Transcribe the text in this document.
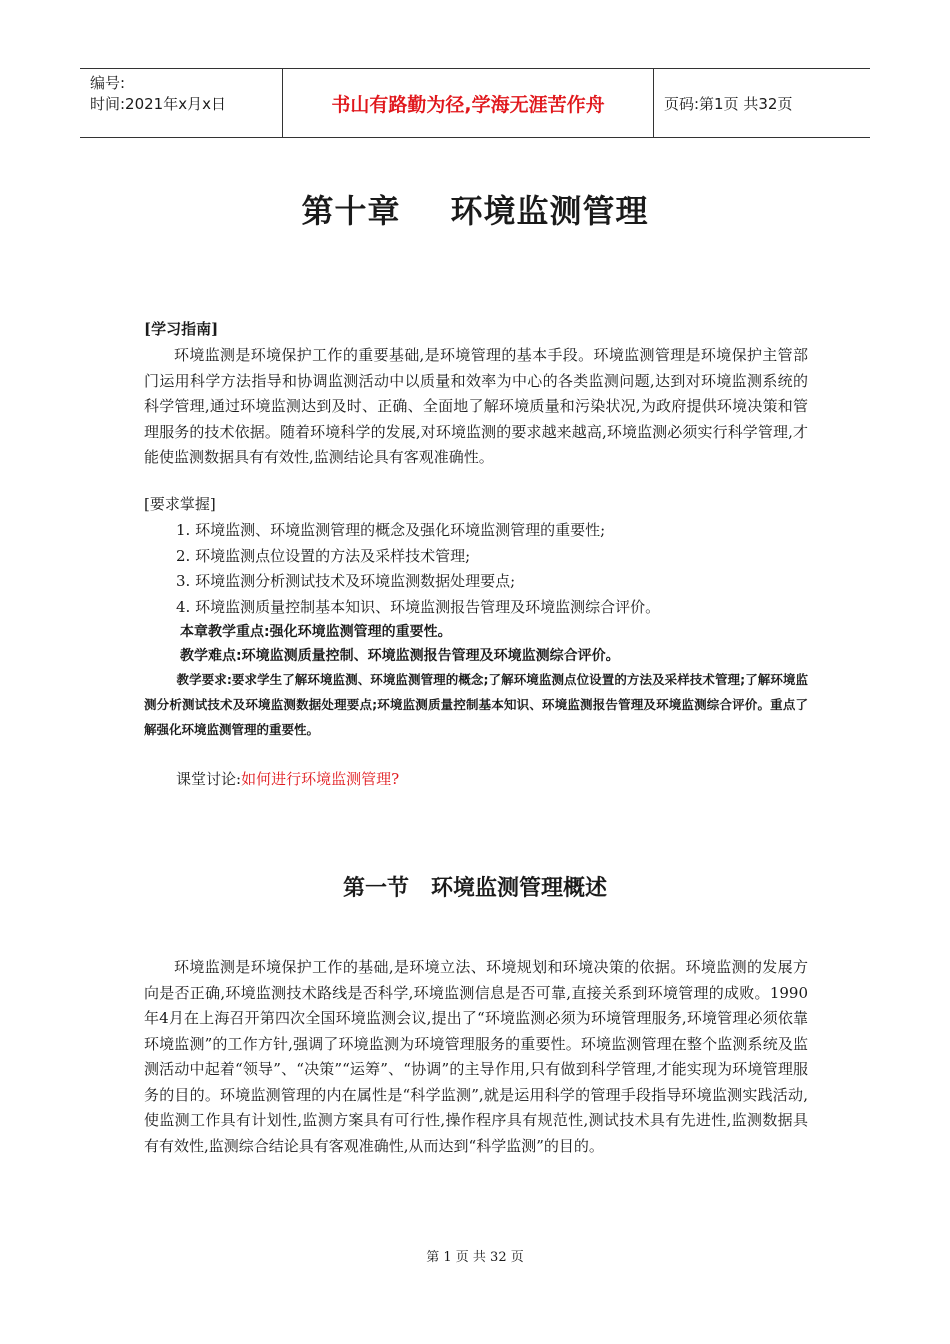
编号:
时间:2021年x月x日	书山有路勤为径,学海无涯苦作舟	页码:第1页 共32页
第十章 环境监测管理
[学习指南]

环境监测是环境保护工作的重要基础,是环境管理的基本手段。环境监测管理是环境保护主管部门运用科学方法指导和协调监测活动中以质量和效率为中心的各类监测问题,达到对环境监测系统的科学管理,通过环境监测达到及时、正确、全面地了解环境质量和污染状况,为政府提供环境决策和管理服务的技术依据。随着环境科学的发展,对环境监测的要求越来越高,环境监测必须实行科学管理,才能使监测数据具有有效性,监测结论具有客观准确性。

[要求掌握]
1. 环境监测、环境监测管理的概念及强化环境监测管理的重要性;
2. 环境监测点位设置的方法及采样技术管理;
3. 环境监测分析测试技术及环境监测数据处理要点;
4. 环境监测质量控制基本知识、环境监测报告管理及环境监测综合评价。
本章教学重点:强化环境监测管理的重要性。
教学难点:环境监测质量控制、环境监测报告管理及环境监测综合评价。
教学要求:要求学生了解环境监测、环境监测管理的概念;了解环境监测点位设置的方法及采样技术管理;了解环境监测分析测试技术及环境监测数据处理要点;环境监测质量控制基本知识、环境监测报告管理及环境监测综合评价。重点了解强化环境监测管理的重要性。
课堂讨论:如何进行环境监测管理?
第一节 环境监测管理概述

环境监测是环境保护工作的基础,是环境立法、环境规划和环境决策的依据。环境监测的发展方向是否正确,环境监测技术路线是否科学,环境监测信息是否可靠,直接关系到环境管理的成败。1990年4月在上海召开第四次全国环境监测会议,提出了“环境监测必须为环境管理服务,环境管理必须依靠环境监测”的工作方针,强调了环境监测为环境管理服务的重要性。环境监测管理在整个监测系统及监测活动中起着“领导”、“决策”“运筹”、“协调”的主导作用,只有做到科学管理,才能实现为环境管理服务的目的。环境监测管理的内在属性是“科学监测”,就是运用科学的管理手段指导环境监测实践活动,使监测工作具有计划性,监测方案具有可行性,操作程序具有规范性,测试技术具有先进性,监测数据具有有效性,监测综合结论具有客观准确性,从而达到“科学监测”的目的。

第 1 页 共 32 页
